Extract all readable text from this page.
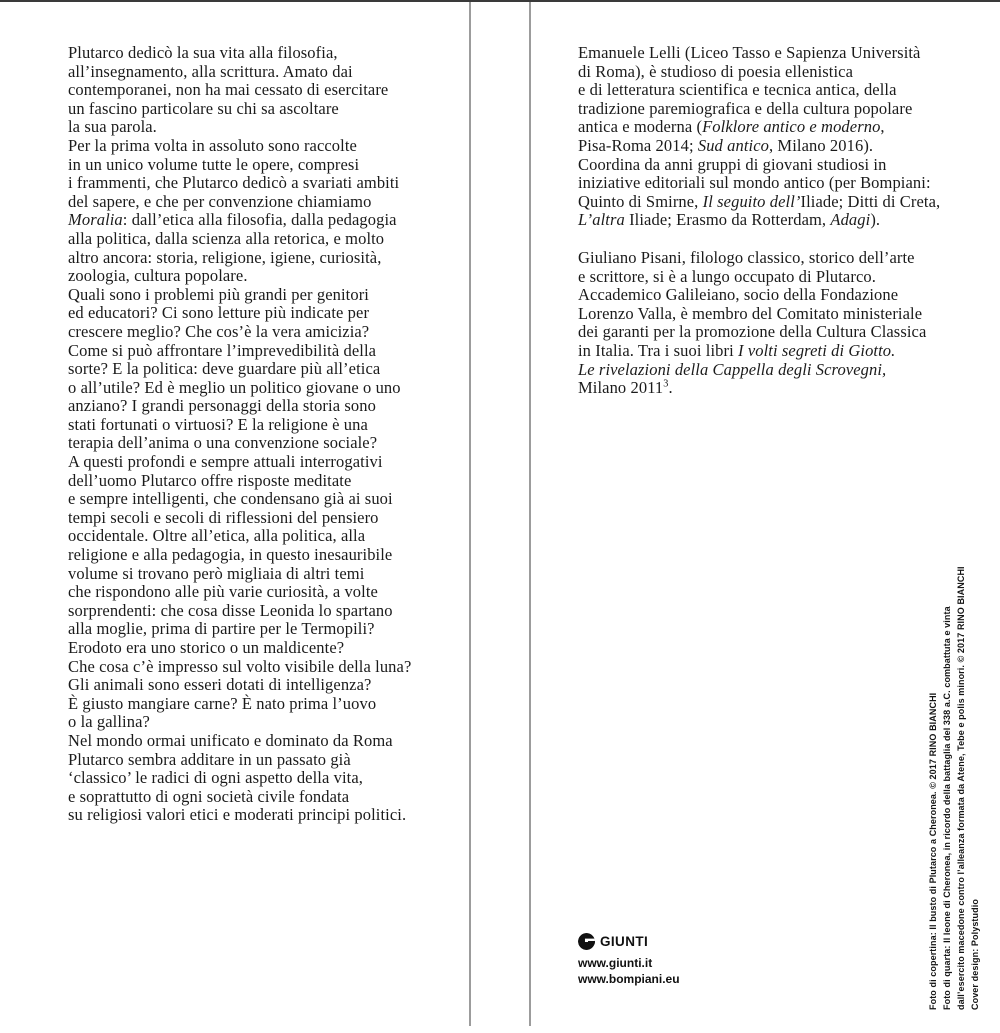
Plutarco dedicò la sua vita alla filosofia,
all’insegnamento, alla scrittura. Amato dai
contemporanei, non ha mai cessato di esercitare
un fascino particolare su chi sa ascoltare
la sua parola.
Per la prima volta in assoluto sono raccolte
in un unico volume tutte le opere, compresi
i frammenti, che Plutarco dedicò a svariati ambiti
del sapere, e che per convenzione chiamiamo
Moralia: dall’etica alla filosofia, dalla pedagogia
alla politica, dalla scienza alla retorica, e molto
altro ancora: storia, religione, igiene, curiosità,
zoologia, cultura popolare.
Quali sono i problemi più grandi per genitori
ed educatori? Ci sono letture più indicate per
crescere meglio? Che cos’è la vera amicizia?
Come si può affrontare l’imprevedibilità della
sorte? E la politica: deve guardare più all’etica
o all’utile? Ed è meglio un politico giovane o uno
anziano? I grandi personaggi della storia sono
stati fortunati o virtuosi? E la religione è una
terapia dell’anima o una convenzione sociale?
A questi profondi e sempre attuali interrogativi
dell’uomo Plutarco offre risposte meditate
e sempre intelligenti, che condensano già ai suoi
tempi secoli e secoli di riflessioni del pensiero
occidentale. Oltre all’etica, alla politica, alla
religione e alla pedagogia, in questo inesauribile
volume si trovano però migliaia di altri temi
che rispondono alle più varie curiosità, a volte
sorprendenti: che cosa disse Leonida lo spartano
alla moglie, prima di partire per le Termopili?
Erodoto era uno storico o un maldicente?
Che cosa c’è impresso sul volto visibile della luna?
Gli animali sono esseri dotati di intelligenza?
È giusto mangiare carne? È nato prima l’uovo
o la gallina?
Nel mondo ormai unificato e dominato da Roma
Plutarco sembra additare in un passato già
‘classico’ le radici di ogni aspetto della vita,
e soprattutto di ogni società civile fondata
su religiosi valori etici e moderati principi politici.
Emanuele Lelli (Liceo Tasso e Sapienza Università
di Roma), è studioso di poesia ellenistica
e di letteratura scientifica e tecnica antica, della
tradizione paremiografica e della cultura popolare
antica e moderna (Folklore antico e moderno,
Pisa-Roma 2014; Sud antico, Milano 2016).
Coordina da anni gruppi di giovani studiosi in
iniziative editoriali sul mondo antico (per Bompiani:
Quinto di Smirne, Il seguito dell’Iliade; Ditti di Creta,
L’altra Iliade; Erasmo da Rotterdam, Adagi).
Giuliano Pisani, filologo classico, storico dell’arte
e scrittore, si è a lungo occupato di Plutarco.
Accademico Galileiano, socio della Fondazione
Lorenzo Valla, è membro del Comitato ministeriale
dei garanti per la promozione della Cultura Classica
in Italia. Tra i suoi libri I volti segreti di Giotto.
Le rivelazioni della Cappella degli Scrovegni,
Milano 2011$^3$.
GIUNTI
www.giunti.it
www.bompiani.eu	Foto di copertina: Il busto di Plutarco a Cheronea. © 2017 RINO BIANCHI Foto di quarta: Il leone di Cheronea, in ricordo della battaglia del 338 a.C. combattuta e vinta dall’esercito macedone contro l’alleanza formata da Atene, Tebe e polis minori. © 2017 RINO BIANCHI Cover design: Polystudio
